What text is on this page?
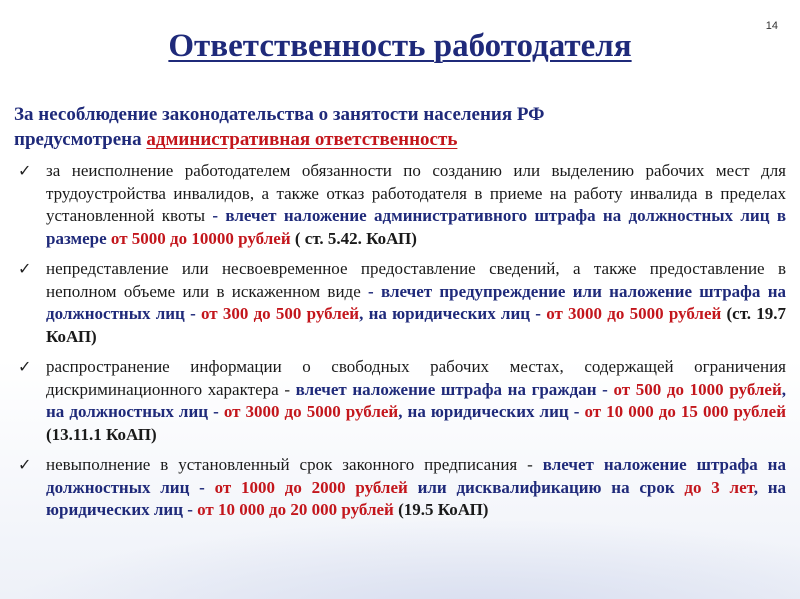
14
Ответственность работодателя
За несоблюдение законодательства о занятости населения РФ
предусмотрена административная ответственность
✓ за неисполнение работодателем обязанности по созданию или выделению рабочих мест для трудоустройства инвалидов, а также отказ работодателя в приеме на работу инвалида в пределах установленной квоты - влечет наложение административного штрафа на должностных лиц в размере от 5000 до 10000 рублей ( ст. 5.42. КоАП)
✓ непредставление или несвоевременное предоставление сведений, а также предоставление в неполном объеме или в искаженном виде - влечет предупреждение или наложение штрафа на должностных лиц - от 300 до 500 рублей, на юридических лиц - от 3000 до 5000 рублей (ст. 19.7 КоАП)
✓ распространение информации о свободных рабочих местах, содержащей ограничения дискриминационного характера - влечет наложение штрафа на граждан - от 500 до 1000 рублей, на должностных лиц - от 3000 до 5000 рублей, на юридических лиц - от 10 000 до 15 000 рублей (13.11.1 КоАП)
✓ невыполнение в установленный срок законного предписания - влечет наложение штрафа на должностных лиц - от 1000 до 2000 рублей или дисквалификацию на срок до 3 лет, на юридических лиц - от 10 000 до 20 000 рублей (19.5 КоАП)
